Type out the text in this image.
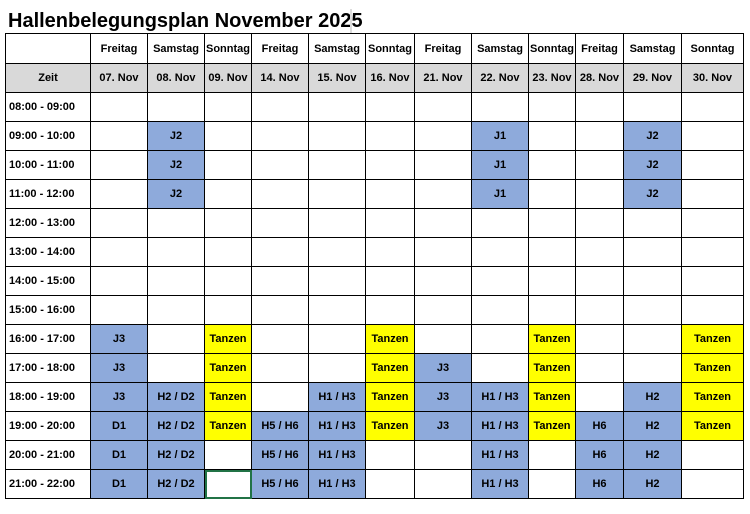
Hallenbelegungsplan November 2025
	Freitag	Samstag	Sonntag	Freitag	Samstag	Sonntag	Freitag	Samstag	Sonntag	Freitag	Samstag	Sonntag
Zeit	07. Nov	08. Nov	09. Nov	14. Nov	15. Nov	16. Nov	21. Nov	22. Nov	23. Nov	28. Nov	29. Nov	30. Nov
08:00 - 09:00												
09:00 - 10:00		J2						J1			J2	
10:00 - 11:00		J2						J1			J2	
11:00 - 12:00		J2						J1			J2	
12:00 - 13:00												
13:00 - 14:00												
14:00 - 15:00												
15:00 - 16:00												
16:00 - 17:00	J3		Tanzen			Tanzen			Tanzen			Tanzen
17:00 - 18:00	J3		Tanzen			Tanzen	J3		Tanzen			Tanzen
18:00 - 19:00	J3	H2 / D2	Tanzen		H1 / H3	Tanzen	J3	H1 / H3	Tanzen		H2	Tanzen
19:00 - 20:00	D1	H2 / D2	Tanzen	H5 / H6	H1 / H3	Tanzen	J3	H1 / H3	Tanzen	H6	H2	Tanzen
20:00 - 21:00	D1	H2 / D2		H5 / H6	H1 / H3			H1 / H3		H6	H2	
21:00 - 22:00	D1	H2 / D2		H5 / H6	H1 / H3			H1 / H3		H6	H2	
